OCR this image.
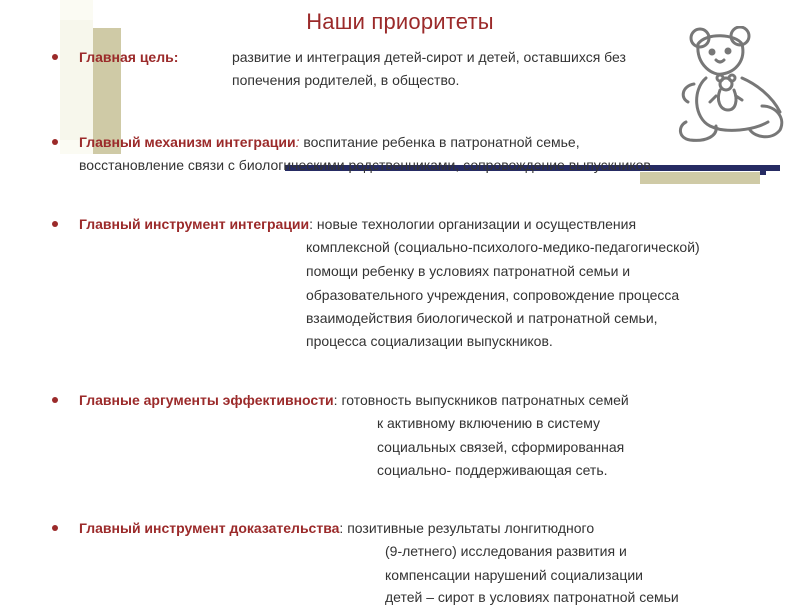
Наши приоритеты
Главная цель:	развитие и интеграция детей-сирот и детей, оставшихся без
попечения родителей, в общество.
Главный механизм интеграции: воспитание ребенка в патронатной семье,
восстановление связи с биологическими родственниками, сопровождение выпускников.
Главный инструмент интеграции: новые технологии организации и осуществления
комплексной (социально-психолого-медико-педагогической)
помощи ребенку в условиях патронатной семьи и
образовательного учреждения, сопровождение процесса
взаимодействия биологической и патронатной семьи,
процесса социализации выпускников.
Главные аргументы эффективности: готовность выпускников патронатных семей
к активному включению в систему
социальных связей, сформированная
социально- поддерживающая сеть.
Главный инструмент доказательства: позитивные результаты лонгитюдного
(9-летнего) исследования развития и
компенсации нарушений социализации
детей – сирот в условиях патронатной семьи
